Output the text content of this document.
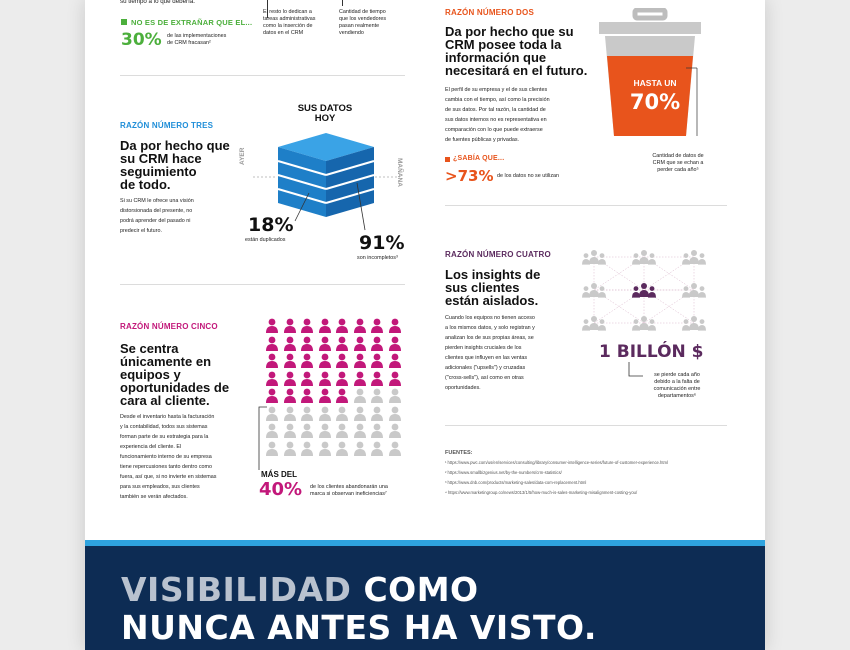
su tiempo a lo que debería.
NO ES DE EXTRAÑAR QUE EL...
30% de las implementaciones
de CRM fracasan²
El resto lo dedican a
tareas administrativas
como la inserción de
datos en el CRM
Cantidad de tiempo
que los vendedores
pasan realmente
vendiendo
RAZÓN NÚMERO TRES
Da por hecho que
su CRM hace
seguimiento
de todo.
Si su CRM le ofrece una visión
distorsionada del presente, no
podrá aprender del pasado ni
predecir el futuro.
SUS DATOS
HOY
AYER
MAÑANA
18%
están duplicados	91%
son incompletos³
RAZÓN NÚMERO CINCO
Se centra
únicamente en
equipos y
oportunidades de
cara al cliente.
Desde el inventario hasta la facturación
y la contabilidad, todos sus sistemas
forman parte de su estrategia para la
experiencia del cliente. El
funcionamiento interno de su empresa
tiene repercusiones tanto dentro como
fuera, así que, si no invierte en sistemas
para sus empleados, sus clientes
también se verán afectados.
MÁS DEL
40% de los clientes abandonarán una
marca si observan ineficiencias⁷
RAZÓN NÚMERO DOS
Da por hecho que su
CRM posee toda la
información que
necesitará en el futuro.
El perfil de su empresa y el de sus clientes
cambia con el tiempo, así como la precisión
de sus datos. Por tal razón, la cantidad de
sus datos internos no es representativa en
comparación con lo que puede extraerse
de fuentes públicas y privadas.
¿SABÍA QUE...
>73% de los datos no se utilizan
HASTA UN
70%
Cantidad de datos de
CRM que se echan a
perder cada año⁵
RAZÓN NÚMERO CUATRO
Los insights de
sus clientes
están aislados.
Cuando los equipos no tienen acceso
a los mismos datos, y solo registran y
analizan los de sus propias áreas, se
pierden insights cruciales de los
clientes que influyen en las ventas
adicionales ("upsells") y cruzadas
("cross-sells"), así como en otras
oportunidades.
1 BILLÓN $
se pierde cada año
debido a la falta de
comunicación entre
departamentos⁶
FUENTES:
¹ https://www.pwc.com/us/en/services/consulting/library/consumer-intelligence-series/future-of-customer-experience.html
² https://www.smallbizgenius.net/by-the-numbers/crm-statistics/
³ https://www.dnb.com/products/marketing-sales/data-com-replacement.html
⁴ https://www.marketingroup.co/news/2013/1/5/how-much-is-sales-marketing-misalignment-costing-you/
VISIBILIDAD COMO
NUNCA ANTES HA VISTO.
